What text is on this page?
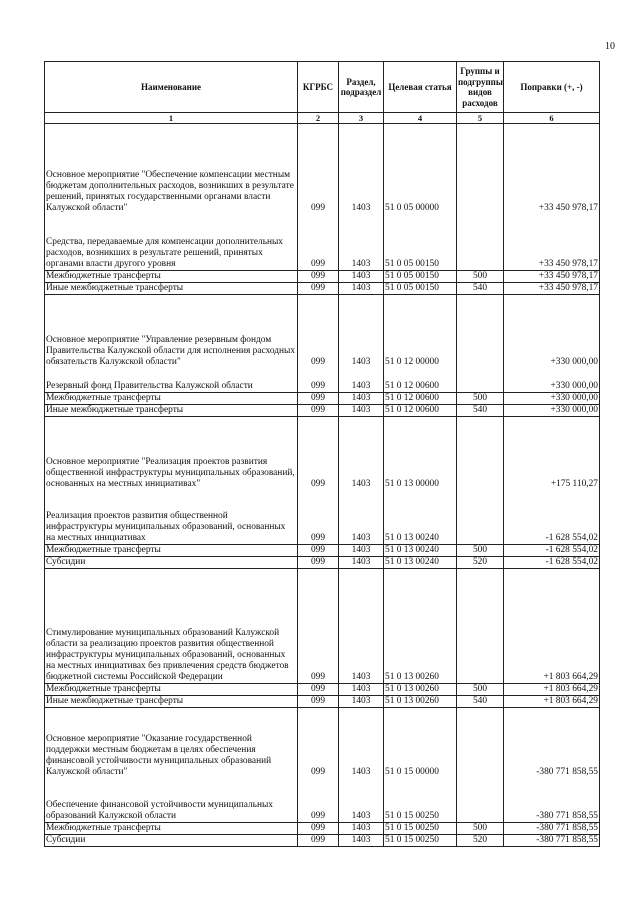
10
Наименование	КГРБС	Раздел, подраздел	Целевая статья	Группы и подгруппы видов расходов	Поправки (+, -)
1	2	3	4	5	6
Основное мероприятие "Обеспечение компенсации местным бюджетам дополнительных расходов, возникших в результате решений, принятых государственными органами власти Калужской области"	099	1403	51 0 05 00000		+33 450 978,17
Средства, передаваемые для компенсации дополнительных расходов, возникших в результате решений, принятых органами власти другого уровня	099	1403	51 0 05 00150		+33 450 978,17
Межбюджетные трансферты	099	1403	51 0 05 00150	500	+33 450 978,17
Иные межбюджетные трансферты	099	1403	51 0 05 00150	540	+33 450 978,17
Основное мероприятие "Управление резервным фондом Правительства Калужской области для исполнения расходных обязательств Калужской области"	099	1403	51 0 12 00000		+330 000,00
Резервный фонд Правительства Калужской области	099	1403	51 0 12 00600		+330 000,00
Межбюджетные трансферты	099	1403	51 0 12 00600	500	+330 000,00
Иные межбюджетные трансферты	099	1403	51 0 12 00600	540	+330 000,00
Основное мероприятие "Реализация проектов развития общественной инфраструктуры муниципальных образований, основанных на местных инициативах"	099	1403	51 0 13 00000		+175 110,27
Реализация проектов развития общественной инфраструктуры муниципальных образований, основанных на местных инициативах	099	1403	51 0 13 00240		-1 628 554,02
Межбюджетные трансферты	099	1403	51 0 13 00240	500	-1 628 554,02
Субсидии	099	1403	51 0 13 00240	520	-1 628 554,02
Стимулирование муниципальных образований Калужской области за реализацию проектов развития общественной инфраструктуры муниципальных образований, основанных на местных инициативах без привлечения средств бюджетов бюджетной системы Российской Федерации	099	1403	51 0 13 00260		+1 803 664,29
Межбюджетные трансферты	099	1403	51 0 13 00260	500	+1 803 664,29
Иные межбюджетные трансферты	099	1403	51 0 13 00260	540	+1 803 664,29
Основное мероприятие "Оказание государственной поддержки местным бюджетам в целях обеспечения финансовой устойчивости муниципальных образований Калужской области"	099	1403	51 0 15 00000		-380 771 858,55
Обеспечение финансовой устойчивости муниципальных образований Калужской области	099	1403	51 0 15 00250		-380 771 858,55
Межбюджетные трансферты	099	1403	51 0 15 00250	500	-380 771 858,55
Субсидии	099	1403	51 0 15 00250	520	-380 771 858,55
